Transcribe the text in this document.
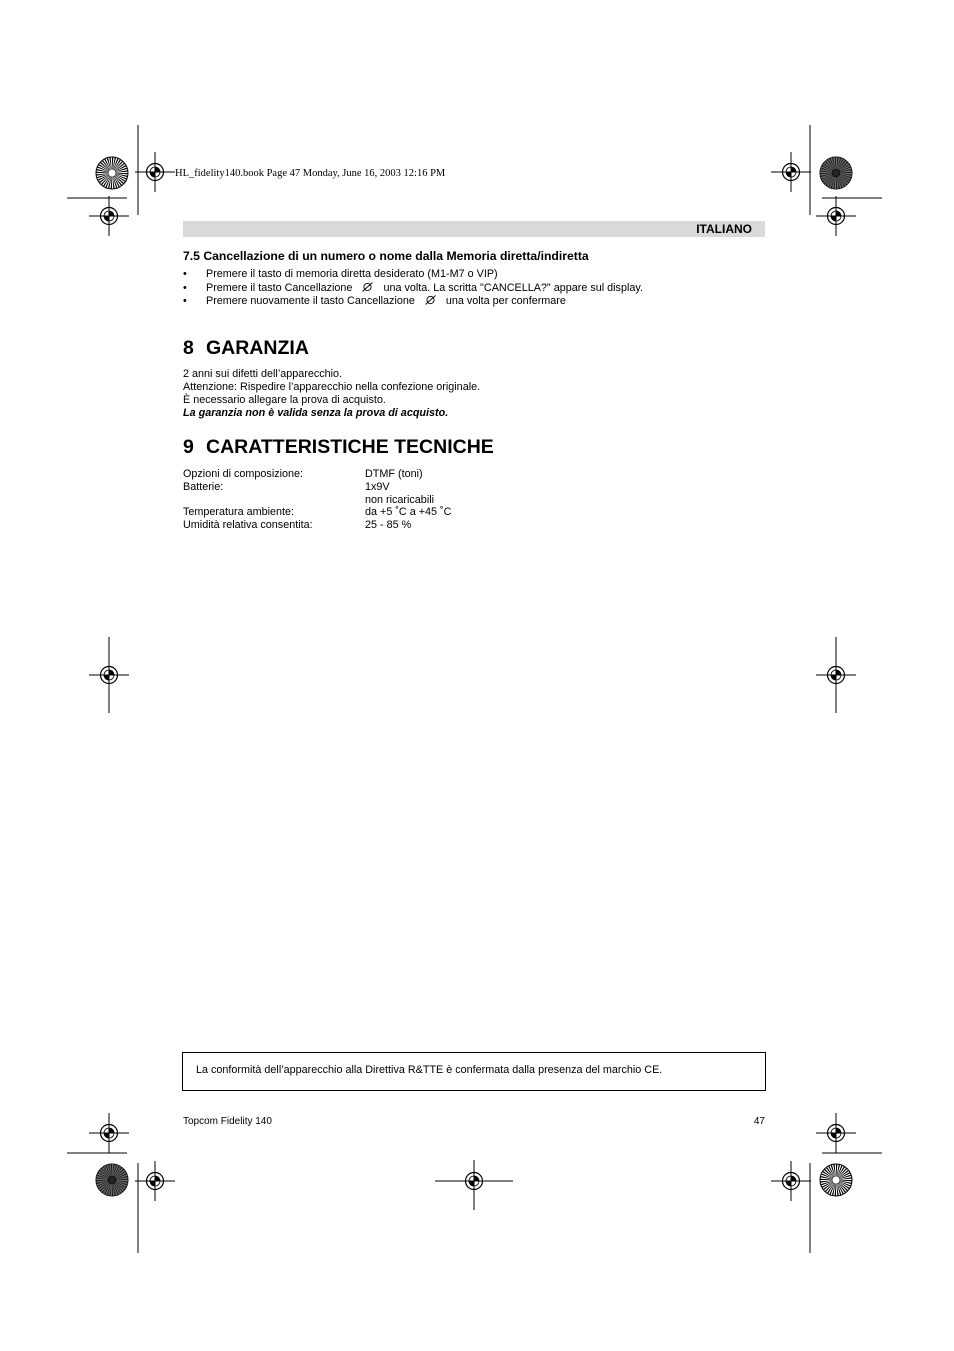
HL_fidelity140.book Page 47 Monday, June 16, 2003 12:16 PM
ITALIANO
7.5 Cancellazione di un numero o nome dalla Memoria diretta/indiretta
• Premere il tasto di memoria diretta desiderato (M1-M7 o VIP)
• Premere il tasto Cancellazione	una volta. La scritta "CANCELLA?" appare sul display.
• Premere nuovamente il tasto Cancellazione	una volta per confermare
8 GARANZIA
2 anni sui difetti dell’apparecchio.
Attenzione: Rispedire l’apparecchio nella confezione originale.
È necessario allegare la prova di acquisto.
La garanzia non è valida senza la prova di acquisto.
9 CARATTERISTICHE TECNICHE
Opzioni di composizione:	DTMF (toni)
Batterie:	1x9V
non ricaricabili
Temperatura ambiente:	da +5 ˚C a +45 ˚C
Umidità relativa consentita:	25 - 85 %
La conformità dell’apparecchio alla Direttiva R&TTE è confermata dalla presenza del marchio CE.
Topcom Fidelity 140	47
